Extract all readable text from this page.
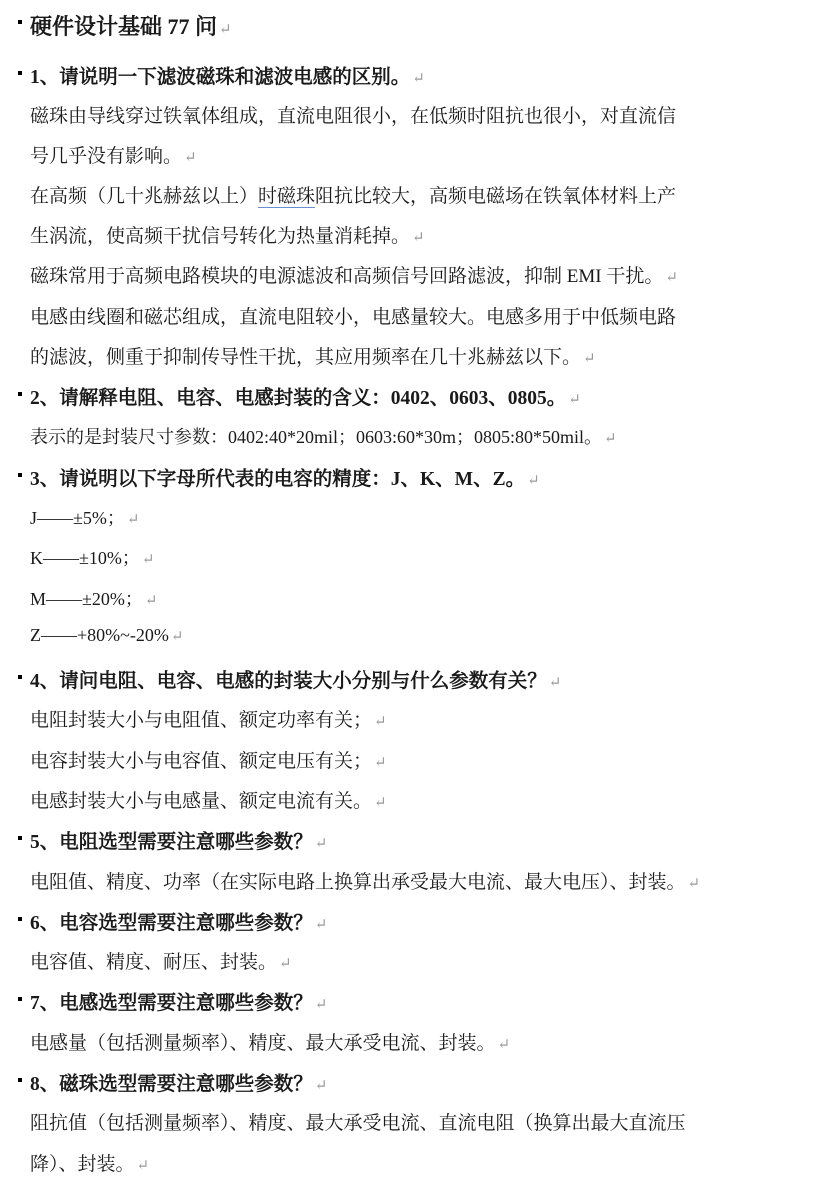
硬件设计基础 77 问 ↵
1、请说明一下滤波磁珠和滤波电感的区别。 ↵
磁珠由导线穿过铁氧体组成，直流电阻很小，在低频时阻抗也很小，对直流信
号几乎没有影响。 ↵
在高频（几十兆赫兹以上）时磁珠阻抗比较大，高频电磁场在铁氧体材料上产
生涡流，使高频干扰信号转化为热量消耗掉。 ↵
磁珠常用于高频电路模块的电源滤波和高频信号回路滤波，抑制 EMI 干扰。 ↵
电感由线圈和磁芯组成，直流电阻较小，电感量较大。电感多用于中低频电路
的滤波，侧重于抑制传导性干扰，其应用频率在几十兆赫兹以下。 ↵
2、请解释电阻、电容、电感封装的含义：0402、0603、0805。 ↵
表示的是封装尺寸参数：0402:40*20mil；0603:60*30m；0805:80*50mil。 ↵
3、请说明以下字母所代表的电容的精度：J、K、M、Z。 ↵
J——±5%； ↵
K——±10%； ↵
M——±20%； ↵
Z——+80%~-20% ↵
4、请问电阻、电容、电感的封装大小分别与什么参数有关？ ↵
电阻封装大小与电阻值、额定功率有关； ↵
电容封装大小与电容值、额定电压有关； ↵
电感封装大小与电感量、额定电流有关。 ↵
5、电阻选型需要注意哪些参数？ ↵
电阻值、精度、功率（在实际电路上换算出承受最大电流、最大电压）、封装。 ↵
6、电容选型需要注意哪些参数？ ↵
电容值、精度、耐压、封装。 ↵
7、电感选型需要注意哪些参数？ ↵
电感量（包括测量频率）、精度、最大承受电流、封装。 ↵
8、磁珠选型需要注意哪些参数？ ↵
阻抗值（包括测量频率）、精度、最大承受电流、直流电阻（换算出最大直流压
降）、封装。 ↵
